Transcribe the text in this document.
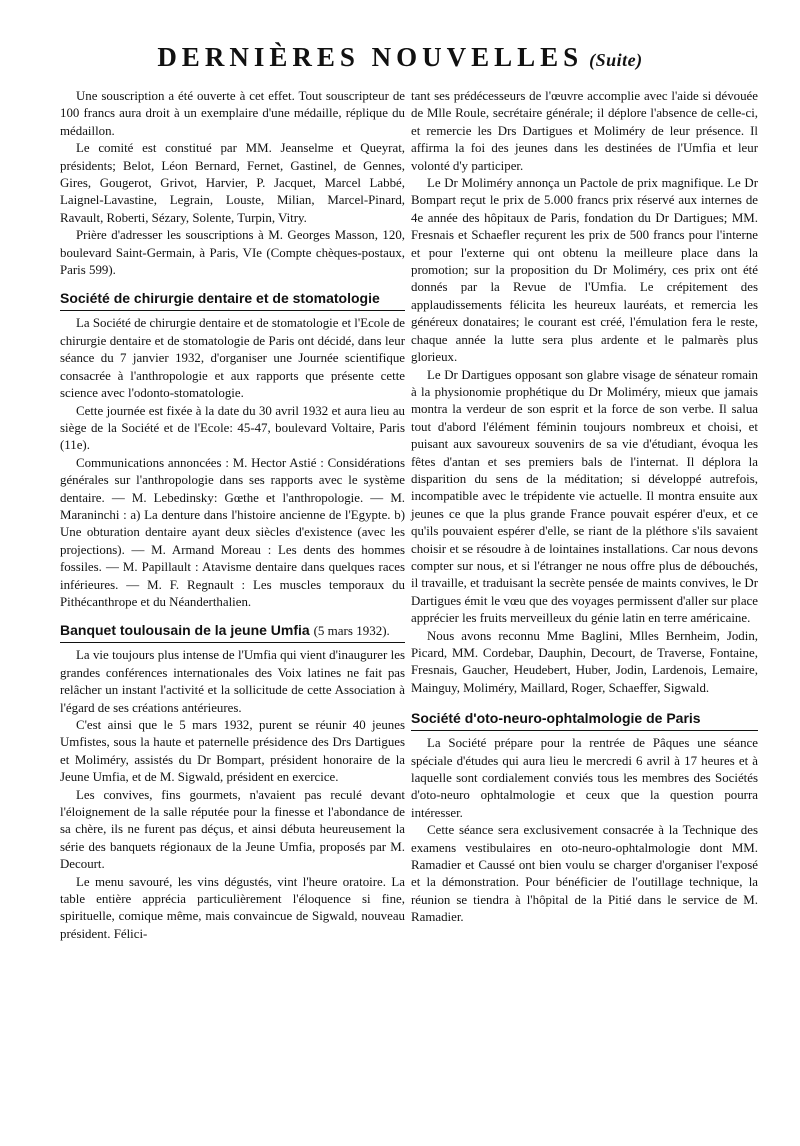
DERNIÈRES NOUVELLES (Suite)

Une souscription a été ouverte à cet effet. Tout souscripteur de 100 francs aura droit à un exemplaire d'une médaille, réplique du médaillon.

Le comité est constitué par MM. Jeanselme et Queyrat, présidents; Belot, Léon Bernard, Fernet, Gastinel, de Gennes, Gires, Gougerot, Grivot, Harvier, P. Jacquet, Marcel Labbé, Laignel-Lavastine, Legrain, Louste, Milian, Marcel-Pinard, Ravault, Roberti, Sézary, Solente, Turpin, Vitry.

Prière d'adresser les souscriptions à M. Georges Masson, 120, boulevard Saint-Germain, à Paris, VIe (Compte chèques-postaux, Paris 599).

Société de chirurgie dentaire et de stomatologie

La Société de chirurgie dentaire et de stomatologie et l'Ecole de chirurgie dentaire et de stomatologie de Paris ont décidé, dans leur séance du 7 janvier 1932, d'organiser une Journée scientifique consacrée à l'anthropologie et aux rapports que présente cette science avec l'odonto-stomatologie.

Cette journée est fixée à la date du 30 avril 1932 et aura lieu au siège de la Société et de l'Ecole: 45-47, boulevard Voltaire, Paris (11e).

Communications annoncées : M. Hector Astié : Considérations générales sur l'anthropologie dans ses rapports avec le système dentaire. — M. Lebedinsky: Gœthe et l'anthropologie. — M. Maraninchi : a) La denture dans l'histoire ancienne de l'Egypte. b) Une obturation dentaire ayant deux siècles d'existence (avec les projections). — M. Armand Moreau : Les dents des hommes fossiles. — M. Papillault : Atavisme dentaire dans quelques races inférieures. — M. F. Regnault : Les muscles temporaux du Pithécanthrope et du Néanderthalien.

Banquet toulousain de la jeune Umfia (5 mars 1932).

La vie toujours plus intense de l'Umfia qui vient d'inaugurer les grandes conférences internationales des Voix latines ne fait pas relâcher un instant l'activité et la sollicitude de cette Association à l'égard de ses créations antérieures.

C'est ainsi que le 5 mars 1932, purent se réunir 40 jeunes Umfistes, sous la haute et paternelle présidence des Drs Dartigues et Moliméry, assistés du Dr Bompart, président honoraire de la Jeune Umfia, et de M. Sigwald, président en exercice.

Les convives, fins gourmets, n'avaient pas reculé devant l'éloignement de la salle réputée pour la finesse et l'abondance de sa chère, ils ne furent pas déçus, et ainsi débuta heureusement la série des banquets régionaux de la Jeune Umfia, proposés par M. Decourt.

Le menu savouré, les vins dégustés, vint l'heure oratoire. La table entière apprécia particulièrement l'éloquence si fine, spirituelle, comique même, mais convaincue de Sigwald, nouveau président. Félici-

tant ses prédécesseurs de l'œuvre accomplie avec l'aide si dévouée de Mlle Roule, secrétaire générale; il déplore l'absence de celle-ci, et remercie les Drs Dartigues et Moliméry de leur présence. Il affirma la foi des jeunes dans les destinées de l'Umfia et leur volonté d'y participer.

Le Dr Moliméry annonça un Pactole de prix magnifique. Le Dr Bompart reçut le prix de 5.000 francs prix réservé aux internes de 4e année des hôpitaux de Paris, fondation du Dr Dartigues; MM. Fresnais et Schaefler reçurent les prix de 500 francs pour l'interne et pour l'externe qui ont obtenu la meilleure place dans la promotion; sur la proposition du Dr Moliméry, ces prix ont été donnés par la Revue de l'Umfia. Le crépitement des applaudissements félicita les heureux lauréats, et remercia les généreux donataires; le courant est créé, l'émulation fera le reste, chaque année la lutte sera plus ardente et le palmarès plus glorieux.

Le Dr Dartigues opposant son glabre visage de sénateur romain à la physionomie prophétique du Dr Moliméry, mieux que jamais montra la verdeur de son esprit et la force de son verbe. Il salua tout d'abord l'élément féminin toujours nombreux et choisi, et puisant aux savoureux souvenirs de sa vie d'étudiant, évoqua les fêtes d'antan et ses premiers bals de l'internat. Il déplora la disparition du sens de la méditation; si développé autrefois, incompatible avec le trépidente vie actuelle. Il montra ensuite aux jeunes ce que la plus grande France pouvait espérer d'eux, et ce qu'ils pouvaient espérer d'elle, se riant de la pléthore s'ils savaient choisir et se résoudre à de lointaines installations. Car nous devons compter sur nous, et si l'étranger ne nous offre plus de débouchés, il travaille, et traduisant la secrète pensée de maints convives, le Dr Dartigues émit le vœu que des voyages permissent d'aller sur place apprécier les fruits merveilleux du génie latin en terre américaine.

Nous avons reconnu Mme Baglini, Mlles Bernheim, Jodin, Picard, MM. Cordebar, Dauphin, Decourt, de Traverse, Fontaine, Fresnais, Gaucher, Heudebert, Huber, Jodin, Lardenois, Lemaire, Mainguy, Moliméry, Maillard, Roger, Schaeffer, Sigwald.

Société d'oto-neuro-ophtalmologie de Paris

La Société prépare pour la rentrée de Pâques une séance spéciale d'études qui aura lieu le mercredi 6 avril à 17 heures et à laquelle sont cordialement conviés tous les membres des Sociétés d'oto-neuro ophtalmologie et ceux que la question pourra intéresser.

Cette séance sera exclusivement consacrée à la Technique des examens vestibulaires en oto-neuro-ophtalmologie dont MM. Ramadier et Caussé ont bien voulu se charger d'organiser l'exposé et la démonstration. Pour bénéficier de l'outillage technique, la réunion se tiendra à l'hôpital de la Pitié dans le service de M. Ramadier.
